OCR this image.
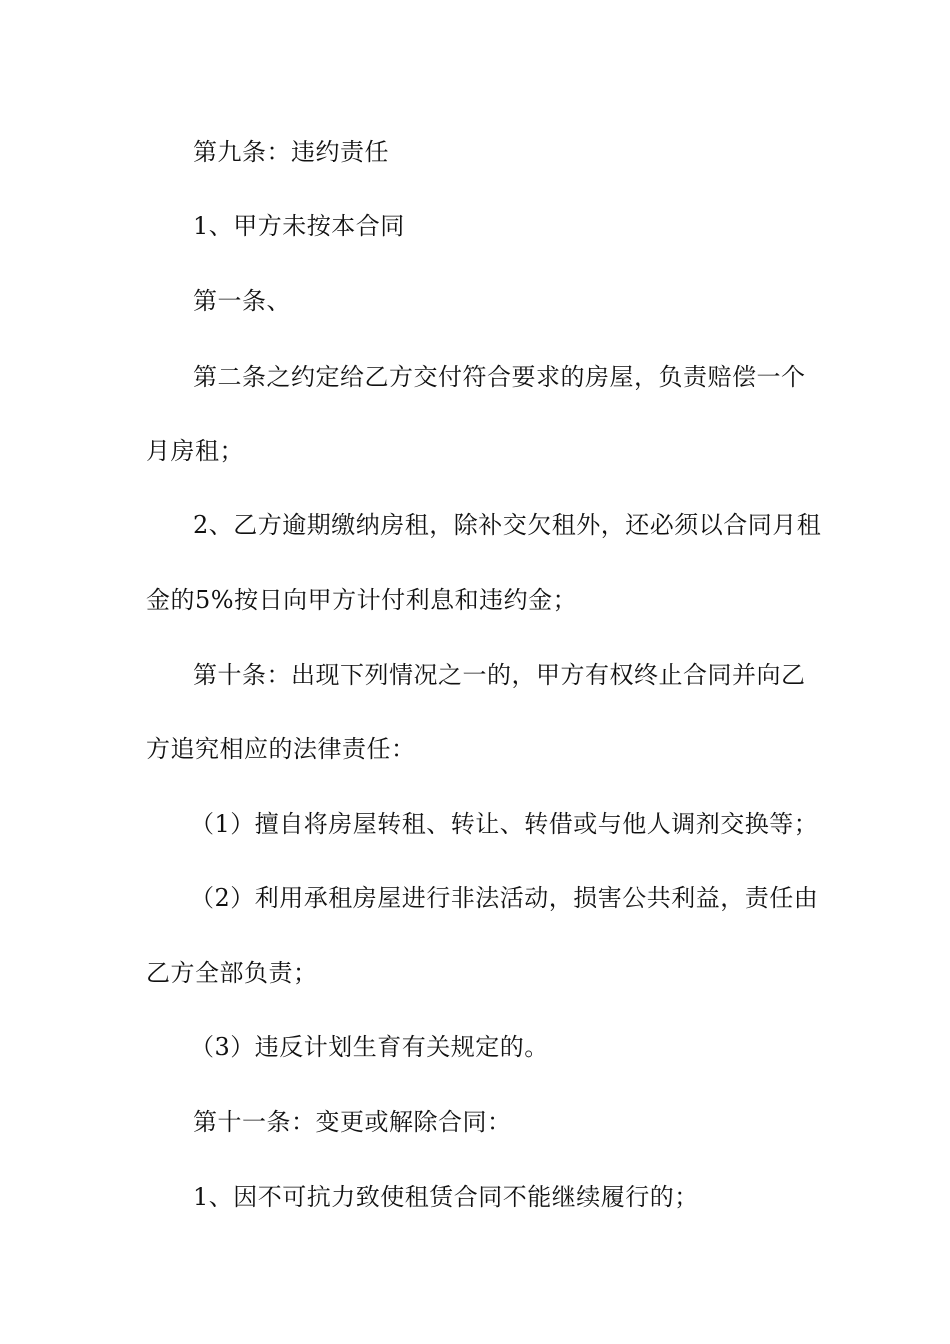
第九条：违约责任
1、甲方未按本合同
第一条、
第二条之约定给乙方交付符合要求的房屋，负责赔偿一个
月房租；
2、乙方逾期缴纳房租，除补交欠租外，还必须以合同月租
金的5%按日向甲方计付利息和违约金；
第十条：出现下列情况之一的，甲方有权终止合同并向乙
方追究相应的法律责任：
（1）擅自将房屋转租、转让、转借或与他人调剂交换等；
（2）利用承租房屋进行非法活动，损害公共利益，责任由
乙方全部负责；
（3）违反计划生育有关规定的。
第十一条：变更或解除合同：
1、因不可抗力致使租赁合同不能继续履行的；
